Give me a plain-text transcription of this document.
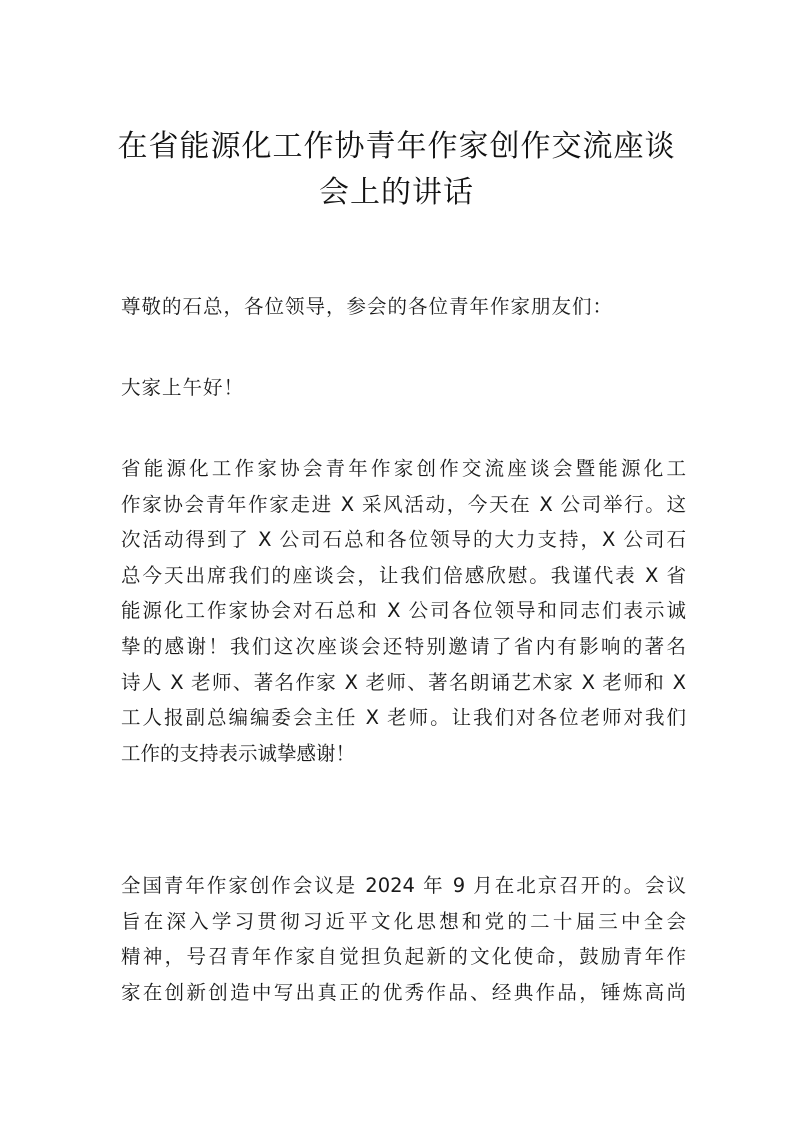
在省能源化工作协青年作家创作交流座谈
会上的讲话
尊敬的石总，各位领导，参会的各位青年作家朋友们：
大家上午好！
省能源化工作家协会青年作家创作交流座谈会暨能源化工
作家协会青年作家走进 X 采风活动，今天在 X 公司举行。这
次活动得到了 X 公司石总和各位领导的大力支持，X 公司石
总今天出席我们的座谈会，让我们倍感欣慰。我谨代表 X 省
能源化工作家协会对石总和 X 公司各位领导和同志们表示诚
挚的感谢！我们这次座谈会还特别邀请了省内有影响的著名
诗人 X 老师、著名作家 X 老师、著名朗诵艺术家 X 老师和 X
工人报副总编编委会主任 X 老师。让我们对各位老师对我们
工作的支持表示诚挚感谢！
全国青年作家创作会议是 2024 年 9 月在北京召开的。会议
旨在深入学习贯彻习近平文化思想和党的二十届三中全会
精神，号召青年作家自觉担负起新的文化使命，鼓励青年作
家在创新创造中写出真正的优秀作品、经典作品，锤炼高尚
